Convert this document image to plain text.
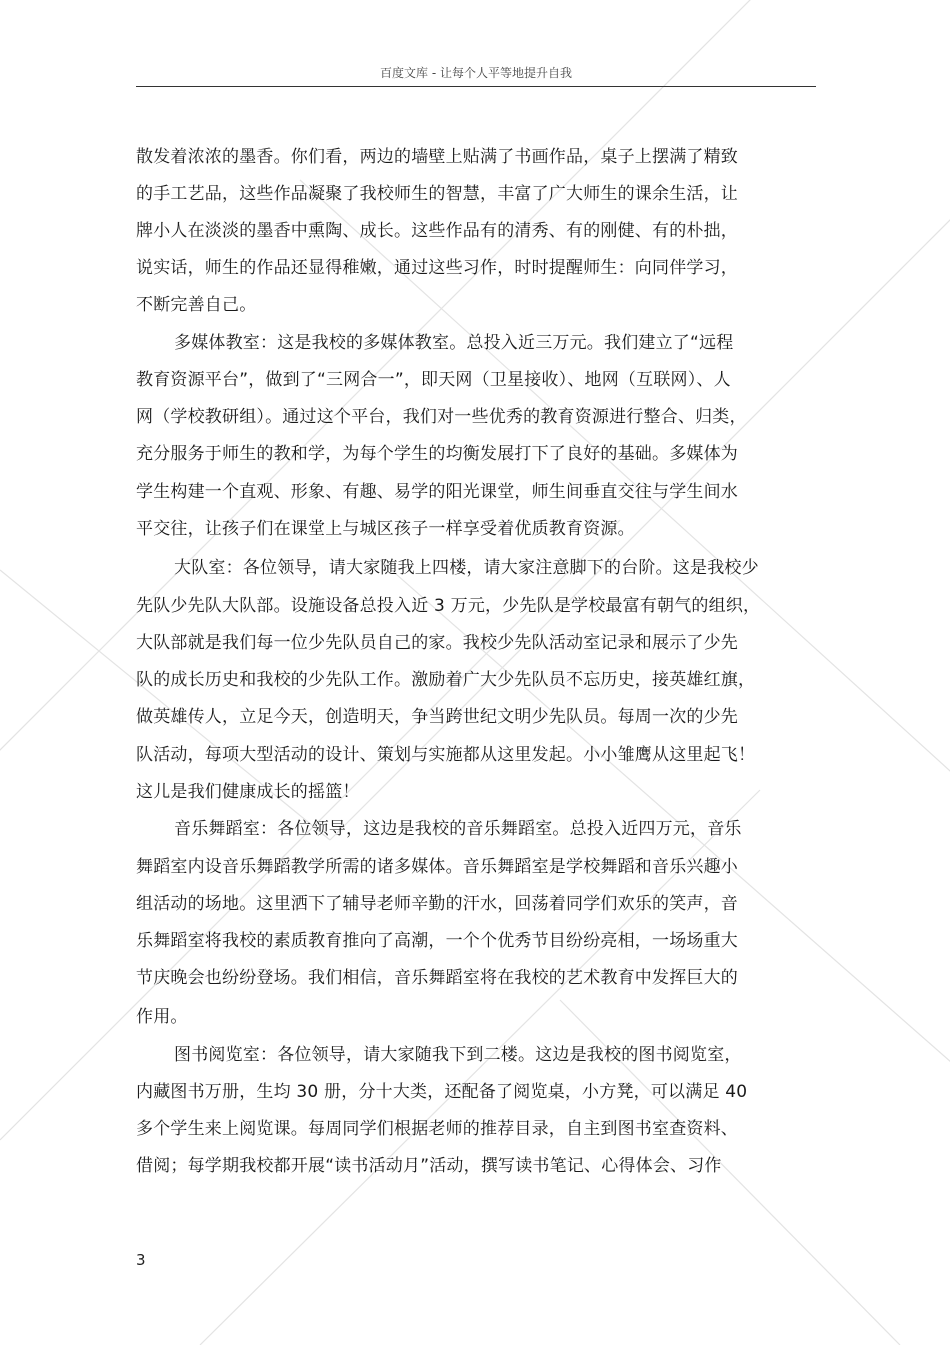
百度文库 - 让每个人平等地提升自我
散发着浓浓的墨香。你们看，两边的墙壁上贴满了书画作品，桌子上摆满了精致
的手工艺品，这些作品凝聚了我校师生的智慧，丰富了广大师生的课余生活，让
牌小人在淡淡的墨香中熏陶、成长。这些作品有的清秀、有的刚健、有的朴拙，
说实话，师生的作品还显得稚嫩，通过这些习作，时时提醒师生：向同伴学习，
不断完善自己。
多媒体教室：这是我校的多媒体教室。总投入近三万元。我们建立了“远程
教育资源平台”，做到了“三网合一”，即天网（卫星接收）、地网（互联网）、人
网（学校教研组）。通过这个平台，我们对一些优秀的教育资源进行整合、归类，
充分服务于师生的教和学，为每个学生的均衡发展打下了良好的基础。多媒体为
学生构建一个直观、形象、有趣、易学的阳光课堂，师生间垂直交往与学生间水
平交往，让孩子们在课堂上与城区孩子一样享受着优质教育资源。
大队室：各位领导，请大家随我上四楼，请大家注意脚下的台阶。这是我校少
先队少先队大队部。设施设备总投入近 3 万元，少先队是学校最富有朝气的组织，
大队部就是我们每一位少先队员自己的家。我校少先队活动室记录和展示了少先
队的成长历史和我校的少先队工作。激励着广大少先队员不忘历史，接英雄红旗，
做英雄传人，立足今天，创造明天，争当跨世纪文明少先队员。每周一次的少先
队活动，每项大型活动的设计、策划与实施都从这里发起。小小雏鹰从这里起飞！
这儿是我们健康成长的摇篮！
音乐舞蹈室：各位领导，这边是我校的音乐舞蹈室。总投入近四万元，音乐
舞蹈室内设音乐舞蹈教学所需的诸多媒体。音乐舞蹈室是学校舞蹈和音乐兴趣小
组活动的场地。这里洒下了辅导老师辛勤的汗水，回荡着同学们欢乐的笑声，音
乐舞蹈室将我校的素质教育推向了高潮，一个个优秀节目纷纷亮相，一场场重大
节庆晚会也纷纷登场。我们相信，音乐舞蹈室将在我校的艺术教育中发挥巨大的
作用。
图书阅览室：各位领导，请大家随我下到二楼。这边是我校的图书阅览室，
内藏图书万册，生均 30 册，分十大类，还配备了阅览桌，小方凳，可以满足 40
多个学生来上阅览课。每周同学们根据老师的推荐目录，自主到图书室查资料、
借阅；每学期我校都开展“读书活动月”活动，撰写读书笔记、心得体会、习作
3
